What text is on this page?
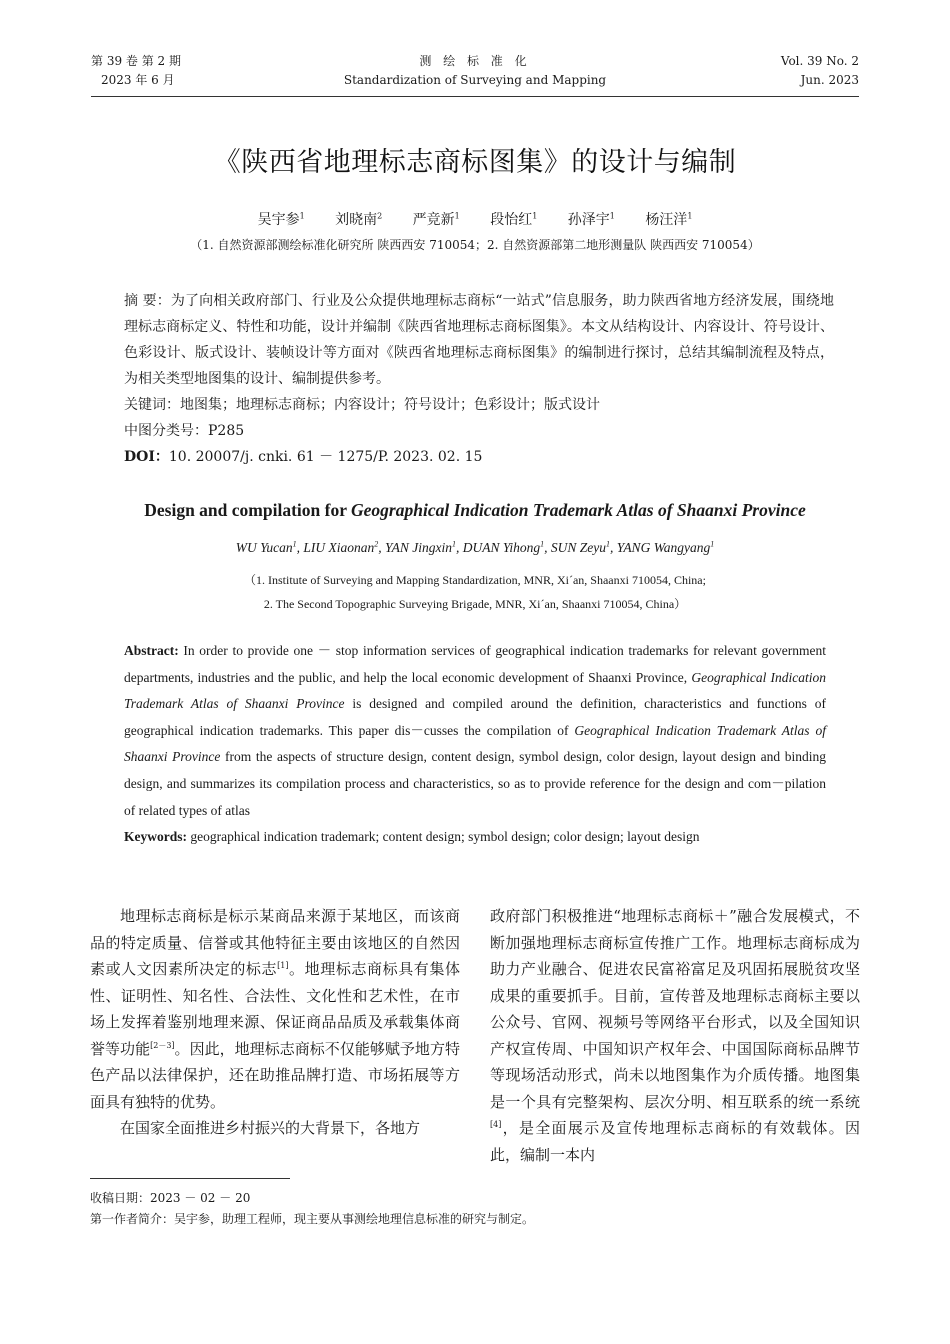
第 39 卷 第 2 期
2023 年 6 月
测 绘 标 准 化
Standardization of Surveying and Mapping
Vol. 39 No. 2
Jun. 2023
《陕西省地理标志商标图集》的设计与编制
吴宇参$^1$ 刘晓南$^2$ 严竞新$^1$ 段怡红$^1$ 孙泽宇$^1$ 杨汪洋$^1$
（1. 自然资源部测绘标准化研究所 陕西西安 710054；2. 自然资源部第二地形测量队 陕西西安 710054）

摘 要：为了向相关政府部门、行业及公众提供地理标志商标“一站式”信息服务，助力陕西省地方经济发展，围绕地理标志商标定义、特性和功能，设计并编制《陕西省地理标志商标图集》。本文从结构设计、内容设计、符号设计、色彩设计、版式设计、装帧设计等方面对《陕西省地理标志商标图集》的编制进行探讨，总结其编制流程及特点，为相关类型地图集的设计、编制提供参考。

关键词：地图集；地理标志商标；内容设计；符号设计；色彩设计；版式设计

中图分类号：P285

DOI：10. 20007/j. cnki. 61 － 1275/P. 2023. 02. 15

Design and compilation for Geographical Indication Trademark Atlas of Shaanxi Province
WU Yucan$^1$, LIU Xiaonan$^2$, YAN Jingxin$^1$, DUAN Yihong$^1$, SUN Zeyu$^1$, YANG Wangyang$^1$
（1. Institute of Surveying and Mapping Standardization, MNR, Xi´an, Shaanxi 710054, China;
2. The Second Topographic Surveying Brigade, MNR, Xi´an, Shaanxi 710054, China）

Abstract: In order to provide one － stop information services of geographical indication trademarks for relevant government departments, industries and the public, and help the local economic development of Shaanxi Province, Geographical Indication Trademark Atlas of Shaanxi Province is designed and compiled around the definition, characteristics and functions of geographical indication trademarks. This paper dis－cusses the compilation of Geographical Indication Trademark Atlas of Shaanxi Province from the aspects of structure design, content design, symbol design, color design, layout design and binding design, and summarizes its compilation process and characteristics, so as to provide reference for the design and com－pilation of related types of atlas

Keywords: geographical indication trademark; content design; symbol design; color design; layout design

地理标志商标是标示某商品来源于某地区，而该商品的特定质量、信誉或其他特征主要由该地区的自然因素或人文因素所决定的标志[1]。地理标志商标具有集体性、证明性、知名性、合法性、文化性和艺术性，在市场上发挥着鉴别地理来源、保证商品品质及承载集体商誉等功能[2－3]。因此，地理标志商标不仅能够赋予地方特色产品以法律保护，还在助推品牌打造、市场拓展等方面具有独特的优势。

在国家全面推进乡村振兴的大背景下，各地方

政府部门积极推进“地理标志商标＋”融合发展模式，不断加强地理标志商标宣传推广工作。地理标志商标成为助力产业融合、促进农民富裕富足及巩固拓展脱贫攻坚成果的重要抓手。目前，宣传普及地理标志商标主要以公众号、官网、视频号等网络平台形式，以及全国知识产权宣传周、中国知识产权年会、中国国际商标品牌节等现场活动形式，尚未以地图集作为介质传播。地图集是一个具有完整架构、层次分明、相互联系的统一系统[4]，是全面展示及宣传地理标志商标的有效载体。因此，编制一本内

收稿日期：2023 － 02 － 20
第一作者简介：吴宇参，助理工程师，现主要从事测绘地理信息标准的研究与制定。
